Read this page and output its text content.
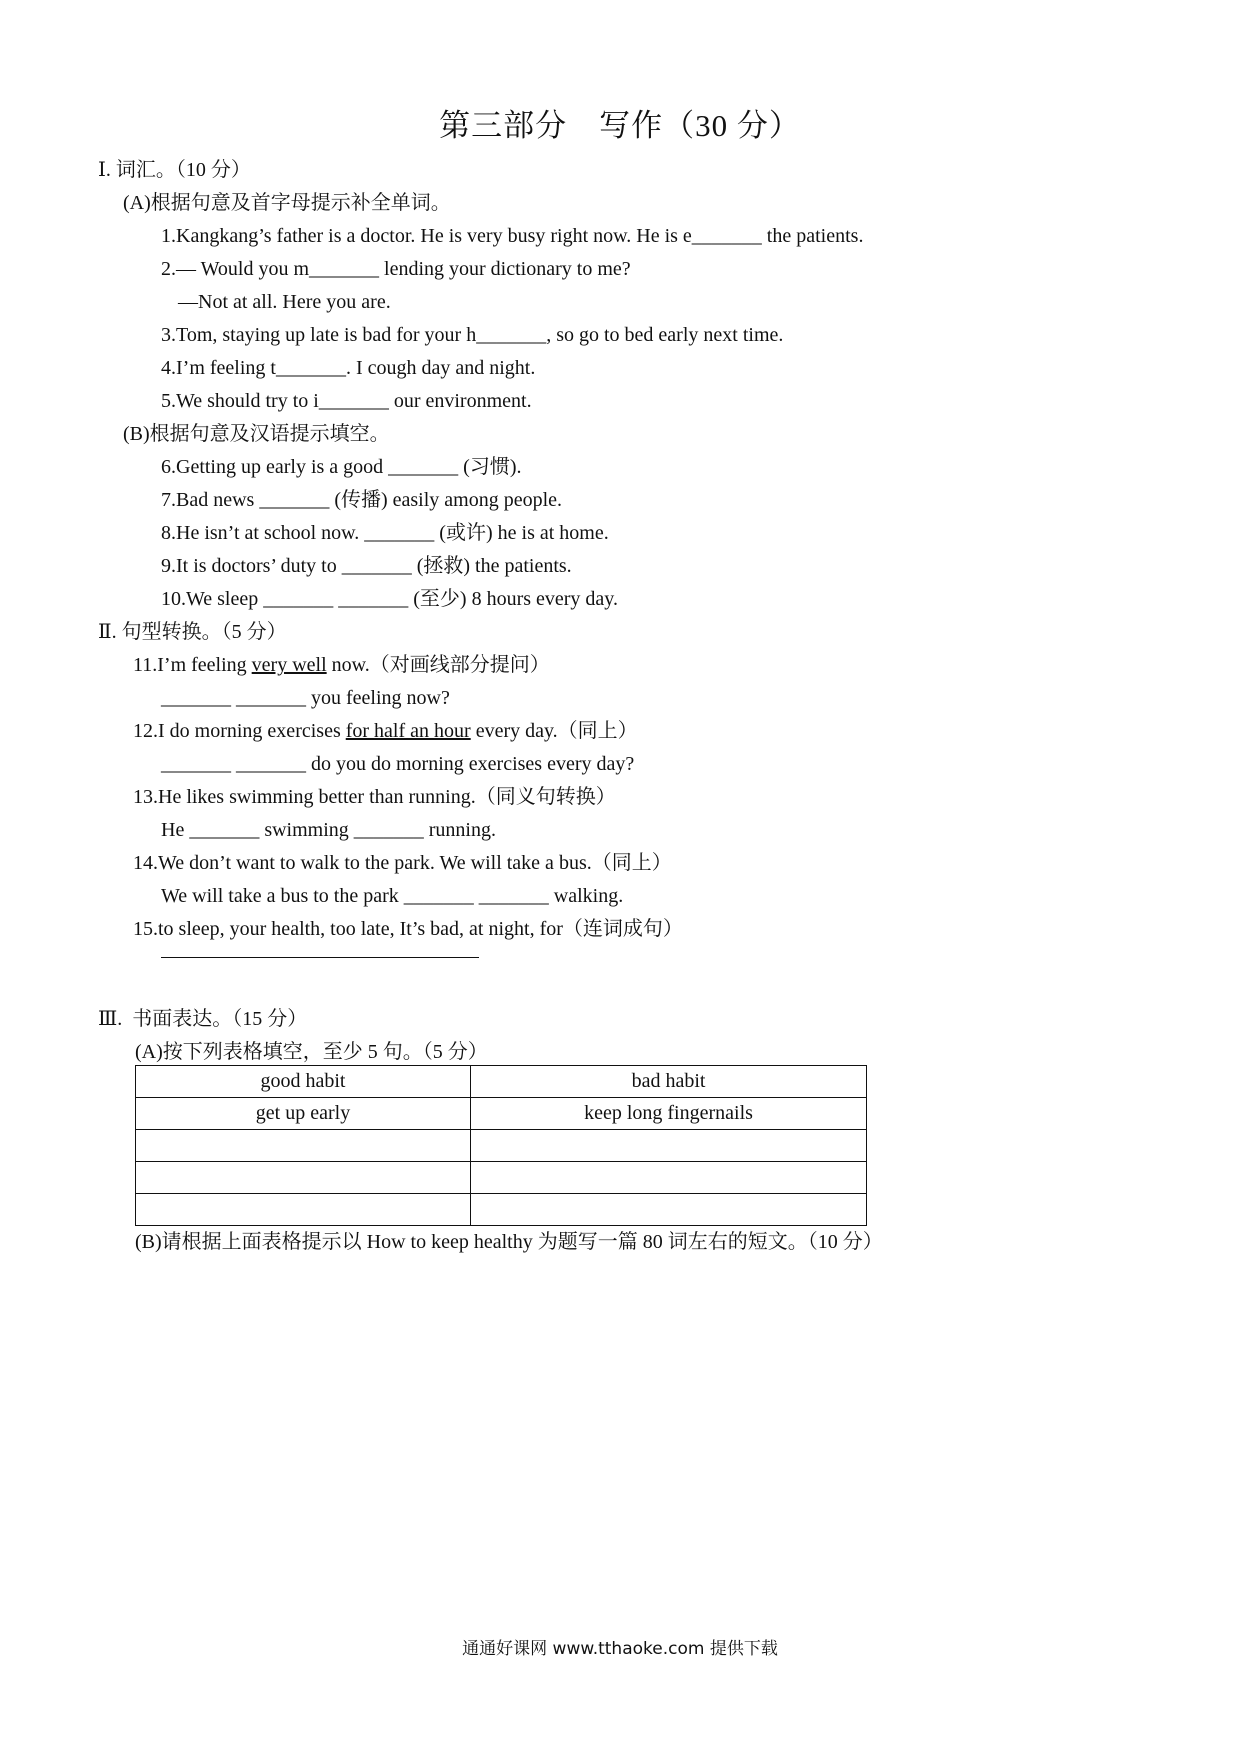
第三部分　写作（30 分）
Ⅰ. 词汇。（10 分）
(A)根据句意及首字母提示补全单词。
1.Kangkang’s father is a doctor. He is very busy right now. He is e_______ the patients.
2.— Would you m_______ lending your dictionary to me?
—Not at all. Here you are.
3.Tom, staying up late is bad for your h_______, so go to bed early next time.
4.I’m feeling t_______. I cough day and night.
5.We should try to i_______ our environment.
(B)根据句意及汉语提示填空。
6.Getting up early is a good _______ (习惯).
7.Bad news _______ (传播) easily among people.
8.He isn’t at school now. _______ (或许) he is at home.
9.It is doctors’ duty to _______ (拯救) the patients.
10.We sleep _______ _______ (至少) 8 hours every day.
Ⅱ. 句型转换。（5 分）
11.I’m feeling very well now.（对画线部分提问）
_______ _______ you feeling now?
12.I do morning exercises for half an hour every day.（同上）
_______ _______ do you do morning exercises every day?
13.He likes swimming better than running.（同义句转换）
He _______ swimming _______ running.
14.We don’t want to walk to the park. We will take a bus.（同上）
We will take a bus to the park _______ _______ walking.
15.to sleep, your health, too late, It’s bad, at night, for（连词成句）
Ⅲ.  书面表达。（15 分）
(A)按下列表格填空，至少 5 句。（5 分）
good habit	bad habit
get up early	keep long fingernails

(B)请根据上面表格提示以 How to keep healthy 为题写一篇 80 词左右的短文。（10 分）
通通好课网 www.tthaoke.com 提供下载
